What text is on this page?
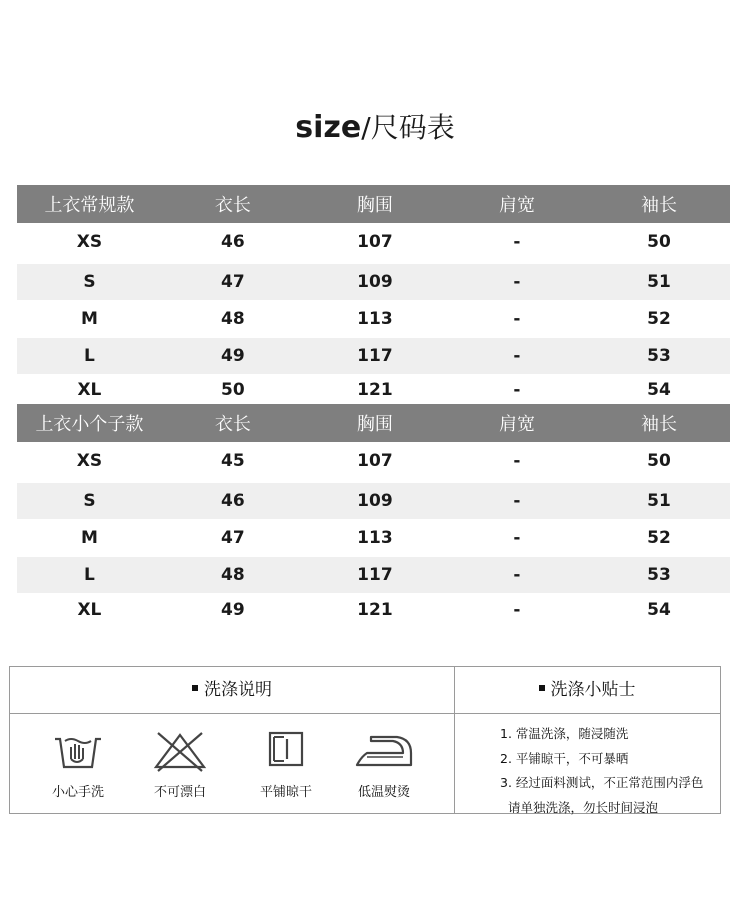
size/尺码表
上衣常规款	衣长	胸围	肩宽	袖长
XS	46	107	-	50
S	47	109	-	51
M	48	113	-	52
L	49	117	-	53
XL	50	121	-	54
上衣小个子款	衣长	胸围	肩宽	袖长
XS	45	107	-	50
S	46	109	-	51
M	47	113	-	52
L	48	117	-	53
XL	49	121	-	54
洗涤说明	洗涤小贴士
小心手洗	不可漂白	平铺晾干	低温熨烫
1. 常温洗涤，随浸随洗
2. 平铺晾干，不可暴晒
3. 经过面料测试，不正常范围内浮色
请单独洗涤，勿长时间浸泡
